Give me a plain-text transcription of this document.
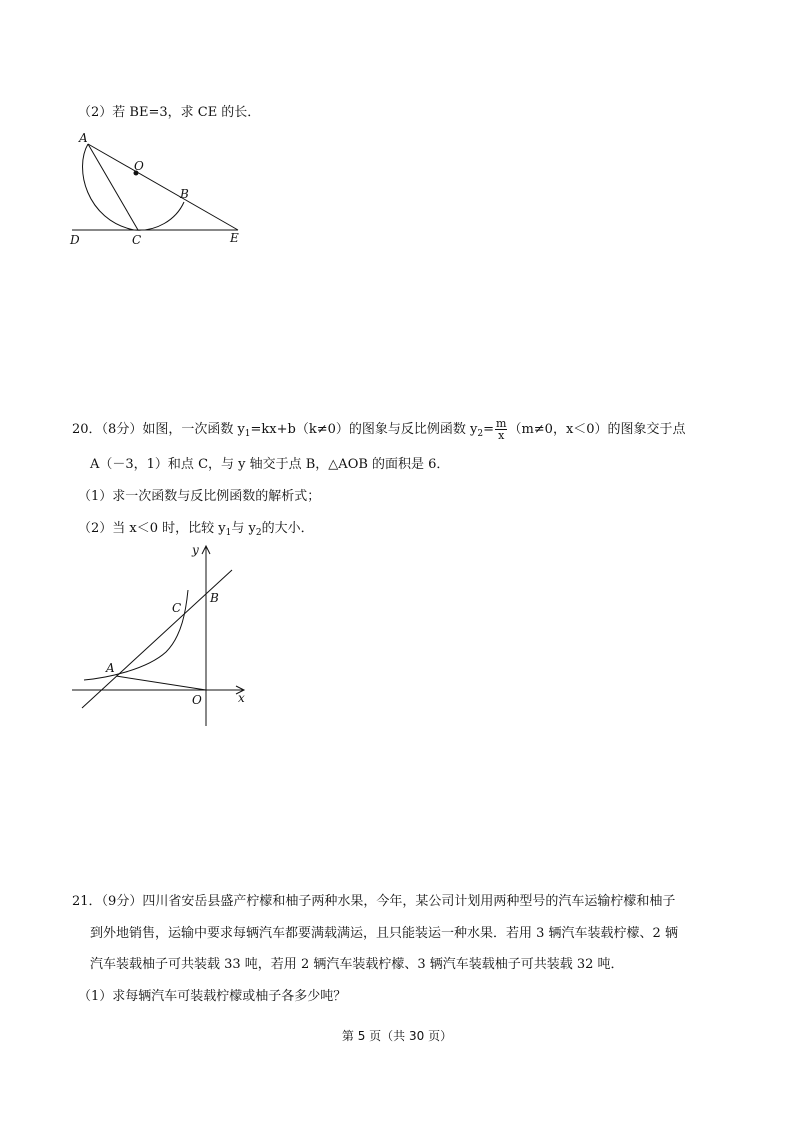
（2）若 BE=3，求 CE 的长．
A
O
B
D	C	E
20．（8分）如图，一次函数 $y_1=kx+b(k\ne 0)$的图象与反比例函数 $y_2= \frac{m}{x} (m\ne 0$，x＜0）的图象交于点
A（－3，1）和点 C，与 y 轴交于点 B，△AOB 的面积是 6．
（1）求一次函数与反比例函数的解析式；
（2）当 x＜0 时，比较 $y_1$与 $y_2$的大小．
y
x
C
B
A
O
21．（9分）四川省安岳县盛产柠檬和柚子两种水果，今年，某公司计划用两种型号的汽车运输柠檬和柚子
到外地销售，运输中要求每辆汽车都要满载满运，且只能装运一种水果．若用 3 辆汽车装载柠檬、2 辆
汽车装载柚子可共装载 33 吨，若用 2 辆汽车装载柠檬、3 辆汽车装载柚子可共装载 32 吨．
（1）求每辆汽车可装载柠檬或柚子各多少吨？
第 5 页（共 30 页）
